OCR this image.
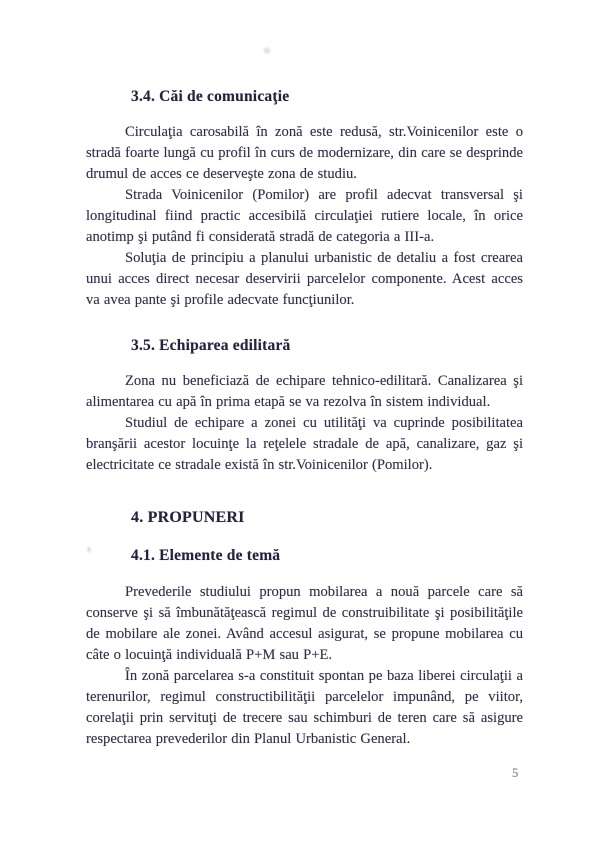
3.4. Căi de comunicaţie

Circulaţia carosabilă în zonă este redusă, str.Voinicenilor este o stradă foarte lungă cu profil în curs de modernizare, din care se desprinde drumul de acces ce deserveşte zona de studiu.

Strada Voinicenilor (Pomilor) are profil adecvat transversal şi longitudinal fiind practic accesibilă circulaţiei rutiere locale, în orice anotimp şi putând fi considerată stradă de categoria a III-a.

Soluţia de principiu a planului urbanistic de detaliu a fost crearea unui acces direct necesar deservirii parcelelor componente. Acest acces va avea pante şi profile adecvate funcţiunilor.

3.5. Echiparea edilitară

Zona nu beneficiază de echipare tehnico-edilitară. Canalizarea şi alimentarea cu apă în prima etapă se va rezolva în sistem individual.

Studiul de echipare a zonei cu utilităţi va cuprinde posibilitatea branşării acestor locuinţe la reţelele stradale de apă, canalizare, gaz şi electricitate ce stradale există în str.Voinicenilor (Pomilor).

4. PROPUNERI
4.1. Elemente de temă

Prevederile studiului propun mobilarea a nouă parcele care să conserve şi să îmbunătăţească regimul de construibilitate şi posibilităţile de mobilare ale zonei. Având accesul asigurat, se propune mobilarea cu câte o locuinţă individuală P+M sau P+E.

În zonă parcelarea s-a constituit spontan pe baza liberei circulaţii a terenurilor, regimul constructibilităţii parcelelor impunând, pe viitor, corelaţii prin servituţi de trecere sau schimburi de teren care să asigure respectarea prevederilor din Planul Urbanistic General.

5
